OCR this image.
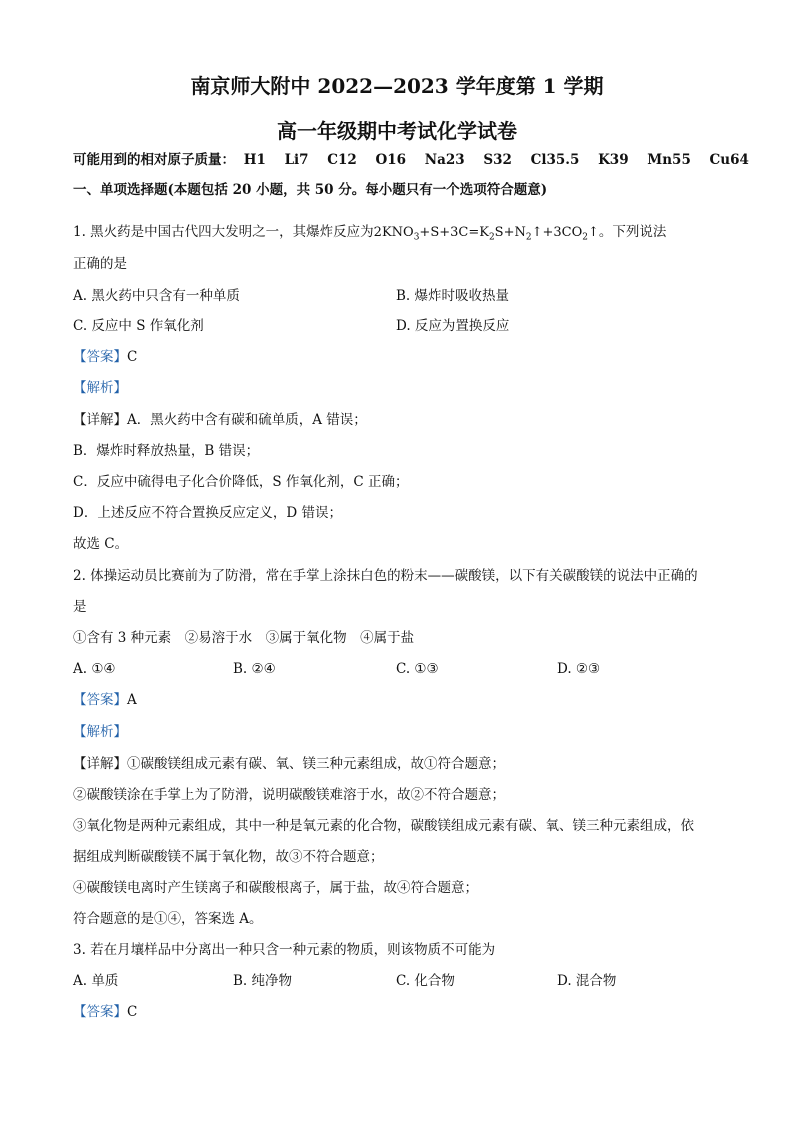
南京师大附中 2022—2023 学年度第 1 学期
高一年级期中考试化学试卷
可能用到的相对原子质量： H1 Li7 C12 O16 Na23 S32 Cl35.5 K39 Mn55 Cu64
一、单项选择题(本题包括 20 小题，共 50 分。每小题只有一个选项符合题意)
1. 黑火药是中国古代四大发明之一，其爆炸反应为$2KNO_3+S+3C=K_2S+N_2↑+3CO_2↑$。下列说法
正确的是
A. 黑火药中只含有一种单质	B. 爆炸时吸收热量
C. 反应中 S 作氧化剂	D. 反应为置换反应
【答案】C
【解析】
【详解】A．黑火药中含有碳和硫单质，A 错误；
B．爆炸时释放热量，B 错误；
C．反应中硫得电子化合价降低，S 作氧化剂，C 正确；
D．上述反应不符合置换反应定义，D 错误；
故选 C。
2. 体操运动员比赛前为了防滑，常在手掌上涂抹白色的粉末——碳酸镁，以下有关碳酸镁的说法中正确的
是
①含有 3 种元素　②易溶于水　③属于氧化物　④属于盐
A. ①④	B. ②④	C. ①③	D. ②③
【答案】A
【解析】
【详解】①碳酸镁组成元素有碳、氧、镁三种元素组成，故①符合题意；
②碳酸镁涂在手掌上为了防滑，说明碳酸镁难溶于水，故②不符合题意；
③氧化物是两种元素组成，其中一种是氧元素的化合物，碳酸镁组成元素有碳、氧、镁三种元素组成，依
据组成判断碳酸镁不属于氧化物，故③不符合题意；
④碳酸镁电离时产生镁离子和碳酸根离子，属于盐，故④符合题意；
符合题意的是①④，答案选 A。
3. 若在月壤样品中分离出一种只含一种元素的物质，则该物质不可能为
A. 单质	B. 纯净物	C. 化合物	D. 混合物
【答案】C
